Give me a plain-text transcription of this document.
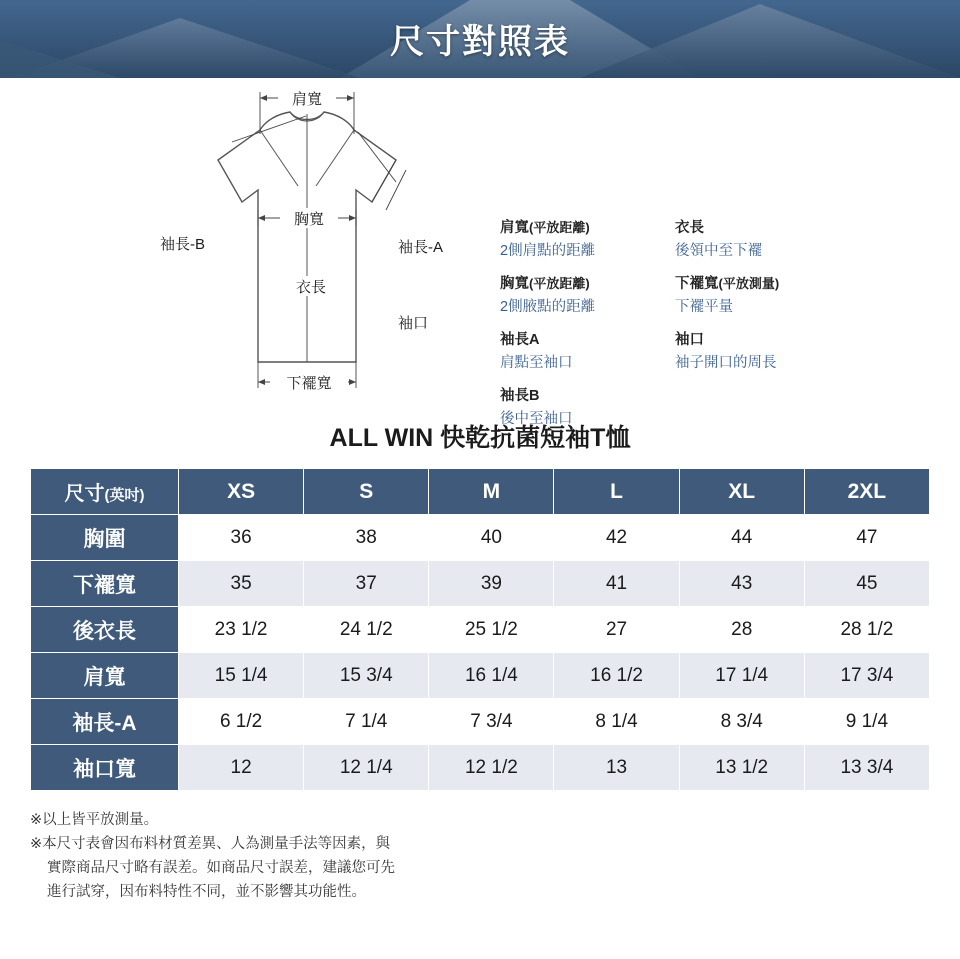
尺寸對照表
肩寬
胸寬
衣長
下襬寬
袖長-B	袖長-A
袖口
肩寬(平放距離)
2側肩點的距離
胸寬(平放距離)
2側腋點的距離
袖長A
肩點至袖口
袖長B
後中至袖口
衣長
後領中至下襬
下襬寬(平放測量)
下襬平量
袖口
袖子開口的周長
ALL WIN 快乾抗菌短袖T恤
尺寸(英吋)	XS	S	M	L	XL	2XL
胸圍	36	38	40	42	44	47
下襬寬	35	37	39	41	43	45
後衣長	23 1/2	24 1/2	25 1/2	27	28	28 1/2
肩寬	15 1/4	15 3/4	16 1/4	16 1/2	17 1/4	17 3/4
袖長-A	6 1/2	7 1/4	7 3/4	8 1/4	8 3/4	9 1/4
袖口寬	12	12 1/4	12 1/2	13	13 1/2	13 3/4

※以上皆平放測量。

※本尺寸表會因布料材質差異、人為測量手法等因素，與

實際商品尺寸略有誤差。如商品尺寸誤差，建議您可先

進行試穿，因布料特性不同，並不影響其功能性。
